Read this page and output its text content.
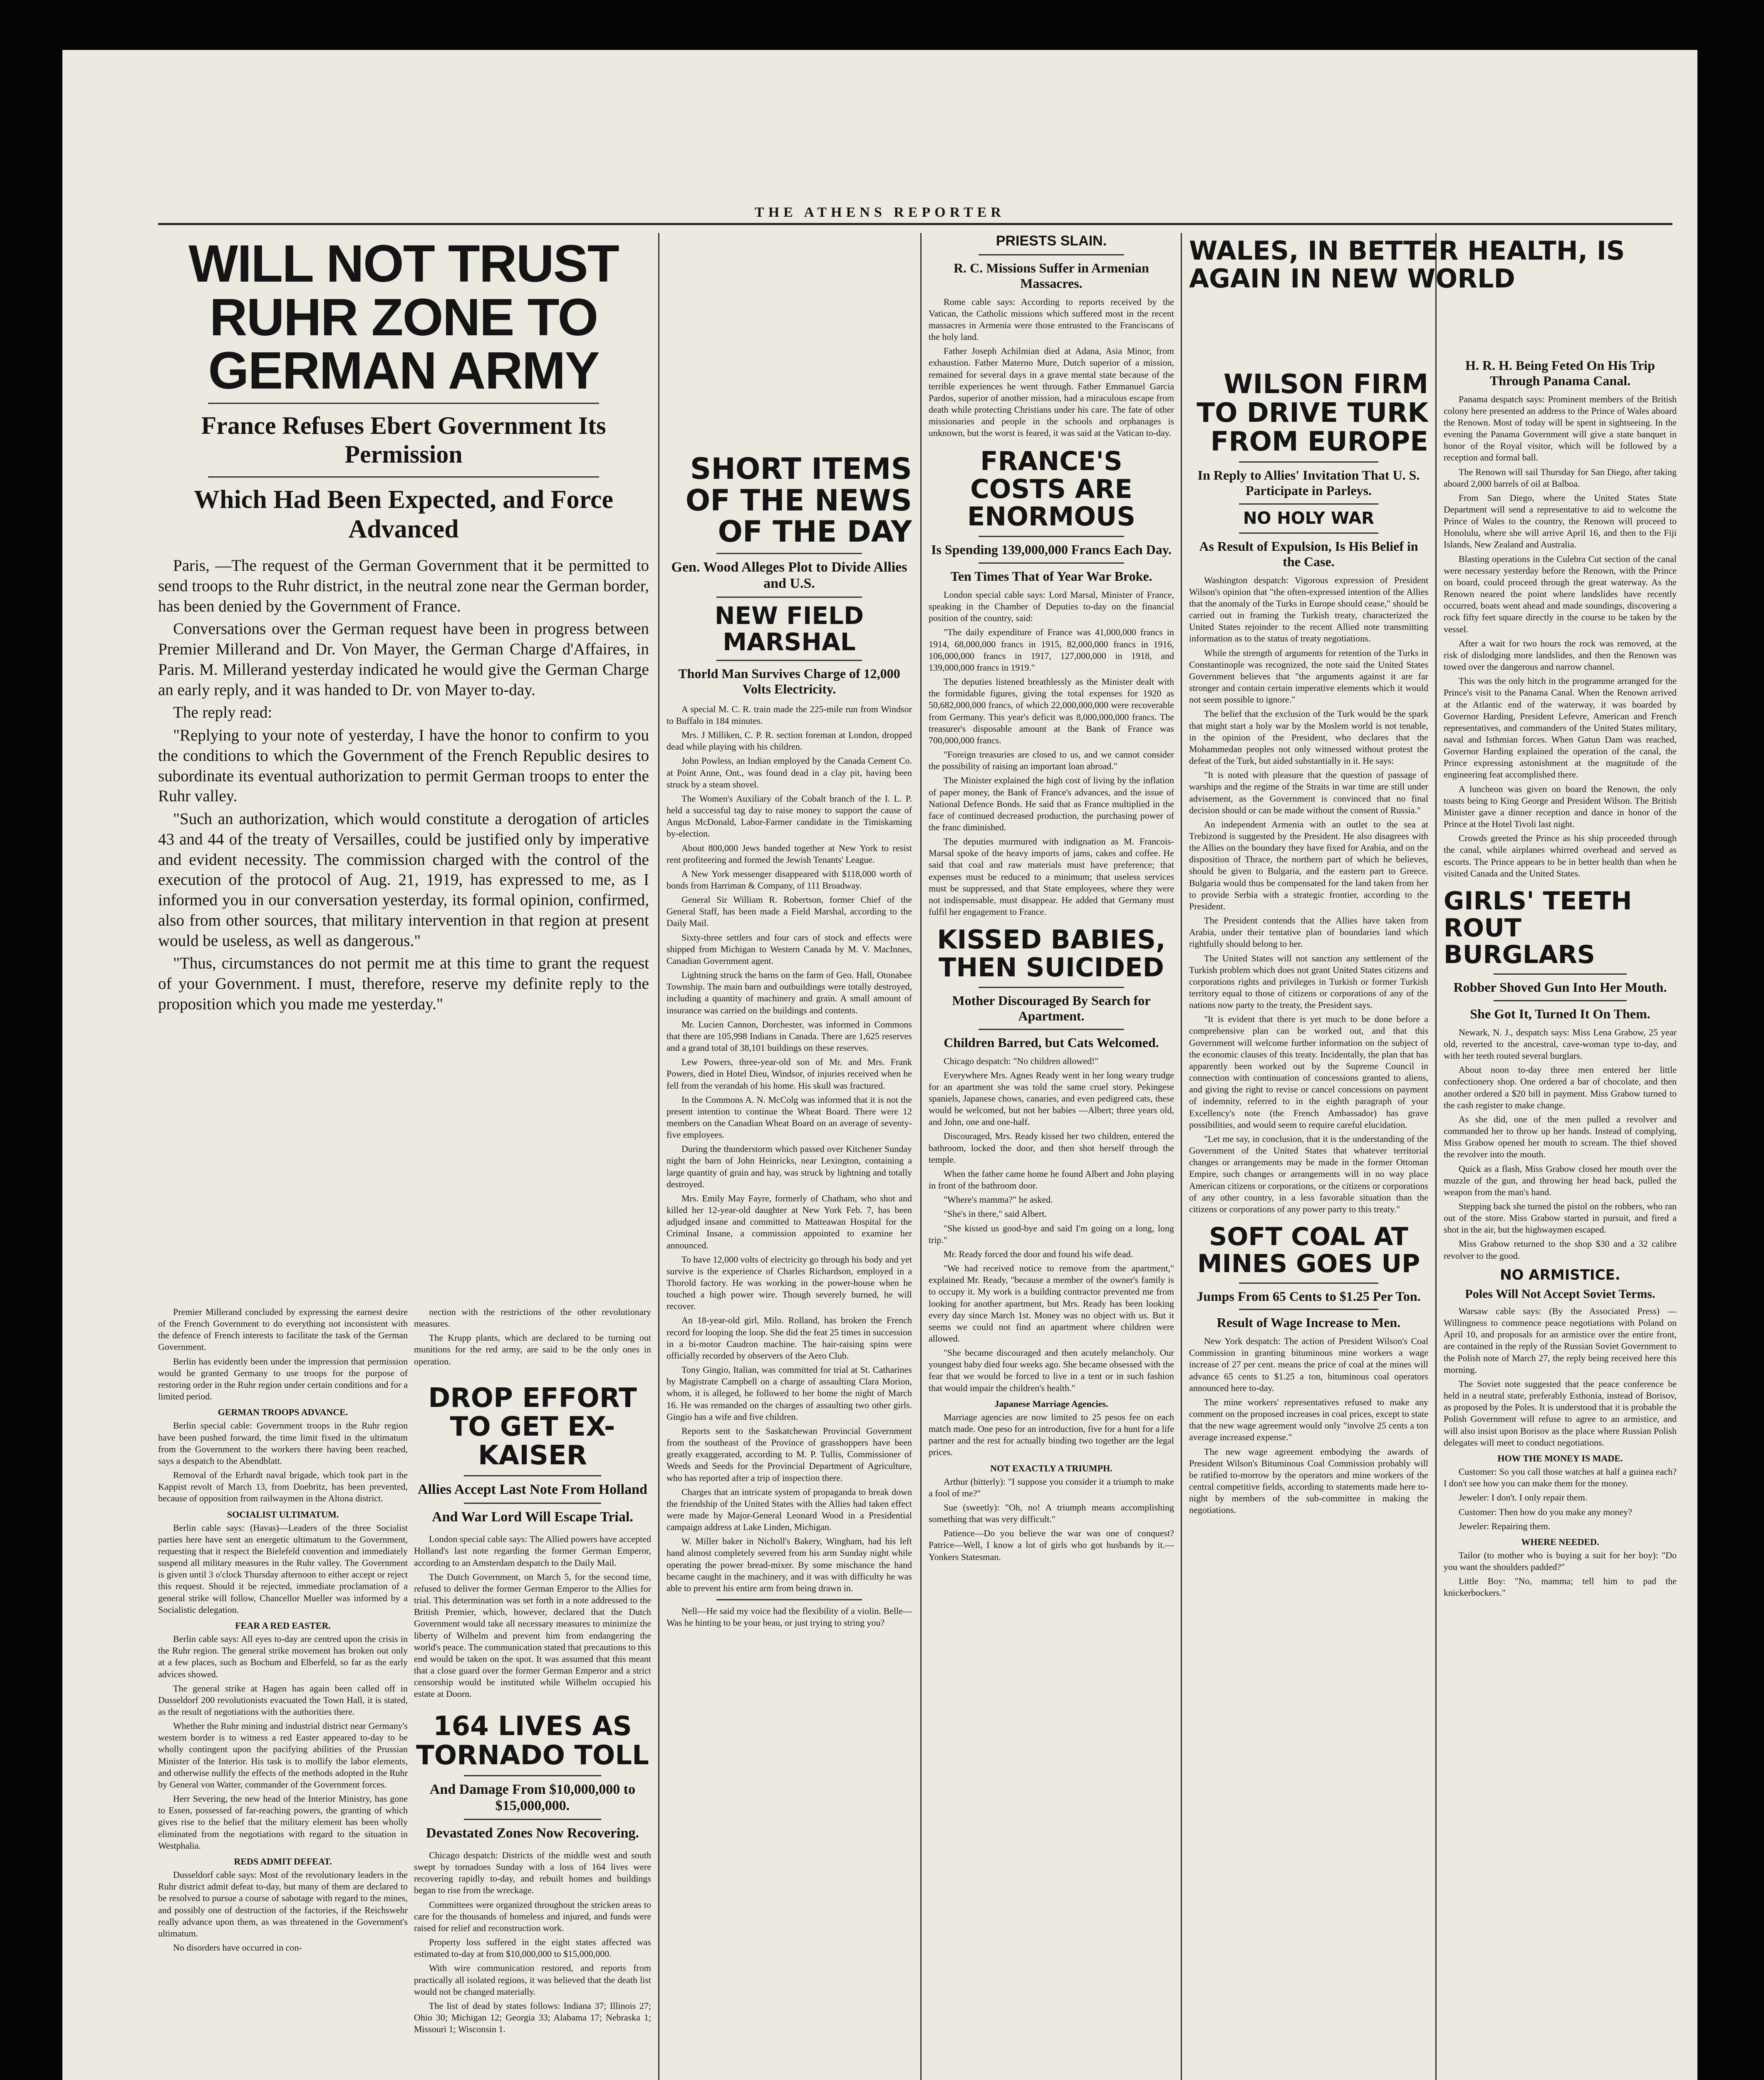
THE ATHENS REPORTER
WILL NOT TRUST RUHR ZONE TO GERMAN ARMY
France Refuses Ebert Government Its Permission
Which Had Been Expected, and Force Advanced

Paris, —The request of the German Government that it be permitted to send troops to the Ruhr district, in the neutral zone near the German border, has been denied by the Government of France.

Conversations over the German request have been in progress between Premier Millerand and Dr. Von Mayer, the German Charge d'Affaires, in Paris. M. Millerand yesterday indicated he would give the German Charge an early reply, and it was handed to Dr. von Mayer to-day.

The reply read:

"Replying to your note of yesterday, I have the honor to confirm to you the conditions to which the Government of the French Republic desires to subordinate its eventual authorization to permit German troops to enter the Ruhr valley.

"Such an authorization, which would constitute a derogation of articles 43 and 44 of the treaty of Versailles, could be justified only by imperative and evident necessity. The commission charged with the control of the execution of the protocol of Aug. 21, 1919, has expressed to me, as I informed you in our conversation yesterday, its formal opinion, confirmed, also from other sources, that military intervention in that region at present would be useless, as well as dangerous."

"Thus, circumstances do not permit me at this time to grant the request of your Government. I must, therefore, reserve my definite reply to the proposition which you made me yesterday."

Premier Millerand concluded by expressing the earnest desire of the French Government to do everything not inconsistent with the defence of French interests to facilitate the task of the German Government.

Berlin has evidently been under the impression that permission would be granted Germany to use troops for the purpose of restoring order in the Ruhr region under certain conditions and for a limited period.

GERMAN TROOPS ADVANCE.

Berlin special cable: Government troops in the Ruhr region have been pushed forward, the time limit fixed in the ultimatum from the Government to the workers there having been reached, says a despatch to the Abendblatt.

Removal of the Erhardt naval brigade, which took part in the Kappist revolt of March 13, from Doebritz, has been prevented, because of opposition from railwaymen in the Altona district.

SOCIALIST ULTIMATUM.

Berlin cable says: (Havas)—Leaders of the three Socialist parties here have sent an energetic ultimatum to the Government, requesting that it respect the Bielefeld convention and immediately suspend all military measures in the Ruhr valley. The Government is given until 3 o'clock Thursday afternoon to either accept or reject this request. Should it be rejected, immediate proclamation of a general strike will follow, Chancellor Mueller was informed by a Socialistic delegation.

FEAR A RED EASTER.

Berlin cable says: All eyes to-day are centred upon the crisis in the Ruhr region. The general strike movement has broken out only at a few places, such as Bochum and Elberfeld, so far as the early advices showed.

The general strike at Hagen has again been called off in Dusseldorf 200 revolutionists evacuated the Town Hall, it is stated, as the result of negotiations with the authorities there.

Whether the Ruhr mining and industrial district near Germany's western border is to witness a red Easter appeared to-day to be wholly contingent upon the pacifying abilities of the Prussian Minister of the Interior. His task is to mollify the labor elements, and otherwise nullify the effects of the methods adopted in the Ruhr by General von Watter, commander of the Government forces.

Herr Severing, the new head of the Interior Ministry, has gone to Essen, possessed of far-reaching powers, the granting of which gives rise to the belief that the military element has been wholly eliminated from the negotiations with regard to the situation in Westphalia.

REDS ADMIT DEFEAT.

Dusseldorf cable says: Most of the revolutionary leaders in the Ruhr district admit defeat to-day, but many of them are declared to be resolved to pursue a course of sabotage with regard to the mines, and possibly one of destruction of the factories, if the Reichswehr really advance upon them, as was threatened in the Government's ultimatum.

No disorders have occurred in con-

nection with the restrictions of the other revolutionary measures.

The Krupp plants, which are declared to be turning out munitions for the red army, are said to be the only ones in operation.

DROP EFFORT TO GET EX-KAISER
Allies Accept Last Note From Holland
And War Lord Will Escape Trial.

London special cable says: The Allied powers have accepted Holland's last note regarding the former German Emperor, according to an Amsterdam despatch to the Daily Mail.

The Dutch Government, on March 5, for the second time, refused to deliver the former German Emperor to the Allies for trial. This determination was set forth in a note addressed to the British Premier, which, however, declared that the Dutch Government would take all necessary measures to minimize the liberty of Wilhelm and prevent him from endangering the world's peace. The communication stated that precautions to this end would be taken on the spot. It was assumed that this meant that a close guard over the former German Emperor and a strict censorship would be instituted while Wilhelm occupied his estate at Doorn.

164 LIVES AS TORNADO TOLL
And Damage From $10,000,000 to $15,000,000.
Devastated Zones Now Recovering.

Chicago despatch: Districts of the middle west and south swept by tornadoes Sunday with a loss of 164 lives were recovering rapidly to-day, and rebuilt homes and buildings began to rise from the wreckage.

Committees were organized throughout the stricken areas to care for the thousands of homeless and injured, and funds were raised for relief and reconstruction work.

Property loss suffered in the eight states affected was estimated to-day at from $10,000,000 to $15,000,000.

With wire communication restored, and reports from practically all isolated regions, it was believed that the death list would not be changed materially.

The list of dead by states follows: Indiana 37; Illinois 27; Ohio 30; Michigan 12; Georgia 33; Alabama 17; Nebraska 1; Missouri 1; Wisconsin 1.

SHORT ITEMS OF THE NEWS OF THE DAY
Gen. Wood Alleges Plot to Divide Allies and U.S.
NEW FIELD MARSHAL
Thorld Man Survives Charge of 12,000 Volts Electricity.

A special M. C. R. train made the 225-mile run from Windsor to Buffalo in 184 minutes.

Mrs. J Milliken, C. P. R. section foreman at London, dropped dead while playing with his children.

John Powless, an Indian employed by the Canada Cement Co. at Point Anne, Ont., was found dead in a clay pit, having been struck by a steam shovel.

The Women's Auxiliary of the Cobalt branch of the I. L. P. held a successful tag day to raise money to support the cause of Angus McDonald, Labor-Farmer candidate in the Timiskaming by-election.

About 800,000 Jews banded together at New York to resist rent profiteering and formed the Jewish Tenants' League.

A New York messenger disappeared with $118,000 worth of bonds from Harriman & Company, of 111 Broadway.

General Sir William R. Robertson, former Chief of the General Staff, has been made a Field Marshal, according to the Daily Mail.

Sixty-three settlers and four cars of stock and effects were shipped from Michigan to Western Canada by M. V. MacInnes, Canadian Government agent.

Lightning struck the barns on the farm of Geo. Hall, Otonabee Township. The main barn and outbuildings were totally destroyed, including a quantity of machinery and grain. A small amount of insurance was carried on the buildings and contents.

Mr. Lucien Cannon, Dorchester, was informed in Commons that there are 105,998 Indians in Canada. There are 1,625 reserves and a grand total of 38,101 buildings on these reserves.

Lew Powers, three-year-old son of Mr. and Mrs. Frank Powers, died in Hotel Dieu, Windsor, of injuries received when he fell from the verandah of his home. His skull was fractured.

In the Commons A. N. McColg was informed that it is not the present intention to continue the Wheat Board. There were 12 members on the Canadian Wheat Board on an average of seventy-five employees.

During the thunderstorm which passed over Kitchener Sunday night the barn of John Heinricks, near Lexington, containing a large quantity of grain and hay, was struck by lightning and totally destroyed.

Mrs. Emily May Fayre, formerly of Chatham, who shot and killed her 12-year-old daughter at New York Feb. 7, has been adjudged insane and committed to Matteawan Hospital for the Criminal Insane, a commission appointed to examine her announced.

To have 12,000 volts of electricity go through his body and yet survive is the experience of Charles Richardson, employed in a Thorold factory. He was working in the power-house when he touched a high power wire. Though severely burned, he will recover.

An 18-year-old girl, Milo. Rolland, has broken the French record for looping the loop. She did the feat 25 times in succession in a bi-motor Caudron machine. The hair-raising spins were officially recorded by observers of the Aero Club.

Tony Gingio, Italian, was committed for trial at St. Catharines by Magistrate Campbell on a charge of assaulting Clara Morion, whom, it is alleged, he followed to her home the night of March 16. He was remanded on the charges of assaulting two other girls. Gingio has a wife and five children.

Reports sent to the Saskatchewan Provincial Government from the southeast of the Province of grasshoppers have been greatly exaggerated, according to M. P. Tullis, Commissioner of Weeds and Seeds for the Provincial Department of Agriculture, who has reported after a trip of inspection there.

Charges that an intricate system of propaganda to break down the friendship of the United States with the Allies had taken effect were made by Major-General Leonard Wood in a Presidential campaign address at Lake Linden, Michigan.

W. Miller baker in Nicholl's Bakery, Wingham, had his left hand almost completely severed from his arm Sunday night while operating the power bread-mixer. By some mischance the hand became caught in the machinery, and it was with difficulty he was able to prevent his entire arm from being drawn in.

Nell—He said my voice had the flexibility of a violin. Belle—Was he hinting to be your beau, or just trying to string you?

PRIESTS SLAIN.
R. C. Missions Suffer in Armenian Massacres.

Rome cable says: According to reports received by the Vatican, the Catholic missions which suffered most in the recent massacres in Armenia were those entrusted to the Franciscans of the holy land.

Father Joseph Achilmian died at Adana, Asia Minor, from exhaustion. Father Materno Mure, Dutch superior of a mission, remained for several days in a grave mental state because of the terrible experiences he went through. Father Emmanuel Garcia Pardos, superior of another mission, had a miraculous escape from death while protecting Christians under his care. The fate of other missionaries and people in the schools and orphanages is unknown, but the worst is feared, it was said at the Vatican to-day.

FRANCE'S COSTS ARE ENORMOUS
Is Spending 139,000,000 Francs Each Day.
Ten Times That of Year War Broke.

London special cable says: Lord Marsal, Minister of France, speaking in the Chamber of Deputies to-day on the financial position of the country, said:

"The daily expenditure of France was 41,000,000 francs in 1914, 68,000,000 francs in 1915, 82,000,000 francs in 1916, 106,000,000 francs in 1917, 127,000,000 in 1918, and 139,000,000 francs in 1919."

The deputies listened breathlessly as the Minister dealt with the formidable figures, giving the total expenses for 1920 as 50,682,000,000 francs, of which 22,000,000,000 were recoverable from Germany. This year's deficit was 8,000,000,000 francs. The treasurer's disposable amount at the Bank of France was 700,000,000 francs.

"Foreign treasuries are closed to us, and we cannot consider the possibility of raising an important loan abroad."

The Minister explained the high cost of living by the inflation of paper money, the Bank of France's advances, and the issue of National Defence Bonds. He said that as France multiplied in the face of continued decreased production, the purchasing power of the franc diminished.

The deputies murmured with indignation as M. Francois-Marsal spoke of the heavy imports of jams, cakes and coffee. He said that coal and raw materials must have preference; that expenses must be reduced to a minimum; that useless services must be suppressed, and that State employees, where they were not indispensable, must disappear. He added that Germany must fulfil her engagement to France.

KISSED BABIES, THEN SUICIDED
Mother Discouraged By Search for Apartment.
Children Barred, but Cats Welcomed.

Chicago despatch: "No children allowed!"

Everywhere Mrs. Agnes Ready went in her long weary trudge for an apartment she was told the same cruel story. Pekingese spaniels, Japanese chows, canaries, and even pedigreed cats, these would be welcomed, but not her babies —Albert; three years old, and John, one and one-half.

Discouraged, Mrs. Ready kissed her two children, entered the bathroom, locked the door, and then shot herself through the temple.

When the father came home he found Albert and John playing in front of the bathroom door.

"Where's mamma?" he asked.

"She's in there," said Albert.

"She kissed us good-bye and said I'm going on a long, long trip."

Mr. Ready forced the door and found his wife dead.

"We had received notice to remove from the apartment," explained Mr. Ready, "because a member of the owner's family is to occupy it. My work is a building contractor prevented me from looking for another apartment, but Mrs. Ready has been looking every day since March 1st. Money was no object with us. But it seems we could not find an apartment where children were allowed.

"She became discouraged and then acutely melancholy. Our youngest baby died four weeks ago. She became obsessed with the fear that we would be forced to live in a tent or in such fashion that would impair the children's health."

Japanese Marriage Agencies.

Marriage agencies are now limited to 25 pesos fee on each match made. One peso for an introduction, five for a hunt for a life partner and the rest for actually binding two together are the legal prices.

NOT EXACTLY A TRIUMPH.

Arthur (bitterly): "I suppose you consider it a triumph to make a fool of me?"

Sue (sweetly): "Oh, no! A triumph means accomplishing something that was very difficult."

Patience—Do you believe the war was one of conquest? Patrice—Well, I know a lot of girls who got husbands by it.—Yonkers Statesman.

WALES, IN BETTER HEALTH, IS AGAIN IN NEW WORLD
WILSON FIRM TO DRIVE TURK FROM EUROPE
In Reply to Allies' Invitation That U. S. Participate in Parleys.
NO HOLY WAR
As Result of Expulsion, Is His Belief in the Case.

Washington despatch: Vigorous expression of President Wilson's opinion that "the often-expressed intention of the Allies that the anomaly of the Turks in Europe should cease," should be carried out in framing the Turkish treaty, characterized the United States rejoinder to the recent Allied note transmitting information as to the status of treaty negotiations.

While the strength of arguments for retention of the Turks in Constantinople was recognized, the note said the United States Government believes that "the arguments against it are far stronger and contain certain imperative elements which it would not seem possible to ignore."

The belief that the exclusion of the Turk would be the spark that might start a holy war by the Moslem world is not tenable, in the opinion of the President, who declares that the Mohammedan peoples not only witnessed without protest the defeat of the Turk, but aided substantially in it. He says:

"It is noted with pleasure that the question of passage of warships and the regime of the Straits in war time are still under advisement, as the Government is convinced that no final decision should or can be made without the consent of Russia."

An independent Armenia with an outlet to the sea at Trebizond is suggested by the President. He also disagrees with the Allies on the boundary they have fixed for Arabia, and on the disposition of Thrace, the northern part of which he believes, should be given to Bulgaria, and the eastern part to Greece. Bulgaria would thus be compensated for the land taken from her to provide Serbia with a strategic frontier, according to the President.

The President contends that the Allies have taken from Arabia, under their tentative plan of boundaries land which rightfully should belong to her.

The United States will not sanction any settlement of the Turkish problem which does not grant United States citizens and corporations rights and privileges in Turkish or former Turkish territory equal to those of citizens or corporations of any of the nations now party to the treaty, the President says.

"It is evident that there is yet much to be done before a comprehensive plan can be worked out, and that this Government will welcome further information on the subject of the economic clauses of this treaty. Incidentally, the plan that has apparently been worked out by the Supreme Council in connection with continuation of concessions granted to aliens, and giving the right to revise or cancel concessions on payment of indemnity, referred to in the eighth paragraph of your Excellency's note (the French Ambassador) has grave possibilities, and would seem to require careful elucidation.

"Let me say, in conclusion, that it is the understanding of the Government of the United States that whatever territorial changes or arrangements may be made in the former Ottoman Empire, such changes or arrangements will in no way place American citizens or corporations, or the citizens or corporations of any other country, in a less favorable situation than the citizens or corporations of any power party to this treaty."

SOFT COAL AT MINES GOES UP
Jumps From 65 Cents to $1.25 Per Ton.
Result of Wage Increase to Men.

New York despatch: The action of President Wilson's Coal Commission in granting bituminous mine workers a wage increase of 27 per cent. means the price of coal at the mines will advance 65 cents to $1.25 a ton, bituminous coal operators announced here to-day.

The mine workers' representatives refused to make any comment on the proposed increases in coal prices, except to state that the new wage agreement would only "involve 25 cents a ton average increased expense."

The new wage agreement embodying the awards of President Wilson's Bituminous Coal Commission probably will be ratified to-morrow by the operators and mine workers of the central competitive fields, according to statements made here to-night by members of the sub-committee in making the negotiations.

H. R. H. Being Feted On His Trip Through Panama Canal.

Panama despatch says: Prominent members of the British colony here presented an address to the Prince of Wales aboard the Renown. Most of today will be spent in sightseeing. In the evening the Panama Government will give a state banquet in honor of the Royal visitor, which will be followed by a reception and formal ball.

The Renown will sail Thursday for San Diego, after taking aboard 2,000 barrels of oil at Balboa.

From San Diego, where the United States State Department will send a representative to aid to welcome the Prince of Wales to the country, the Renown will proceed to Honolulu, where she will arrive April 16, and then to the Fiji Islands, New Zealand and Australia.

Blasting operations in the Culebra Cut section of the canal were necessary yesterday before the Renown, with the Prince on board, could proceed through the great waterway. As the Renown neared the point where landslides have recently occurred, boats went ahead and made soundings, discovering a rock fifty feet square directly in the course to be taken by the vessel.

After a wait for two hours the rock was removed, at the risk of dislodging more landslides, and then the Renown was towed over the dangerous and narrow channel.

This was the only hitch in the programme arranged for the Prince's visit to the Panama Canal. When the Renown arrived at the Atlantic end of the waterway, it was boarded by Governor Harding, President Lefevre, American and French representatives, and commanders of the United States military, naval and Isthmian forces. When Gatun Dam was reached, Governor Harding explained the operation of the canal, the Prince expressing astonishment at the magnitude of the engineering feat accomplished there.

A luncheon was given on board the Renown, the only toasts being to King George and President Wilson. The British Minister gave a dinner reception and dance in honor of the Prince at the Hotel Tivoli last night.

Crowds greeted the Prince as his ship proceeded through the canal, while airplanes whirred overhead and served as escorts. The Prince appears to be in better health than when he visited Canada and the United States.

GIRLS' TEETH ROUT BURGLARS
Robber Shoved Gun Into Her Mouth.
She Got It, Turned It On Them.

Newark, N. J., despatch says: Miss Lena Grabow, 25 year old, reverted to the ancestral, cave-woman type to-day, and with her teeth routed several burglars.

About noon to-day three men entered her little confectionery shop. One ordered a bar of chocolate, and then another ordered a $20 bill in payment. Miss Grabow turned to the cash register to make change.

As she did, one of the men pulled a revolver and commanded her to throw up her hands. Instead of complying, Miss Grabow opened her mouth to scream. The thief shoved the revolver into the mouth.

Quick as a flash, Miss Grabow closed her mouth over the muzzle of the gun, and throwing her head back, pulled the weapon from the man's hand.

Stepping back she turned the pistol on the robbers, who ran out of the store. Miss Grabow started in pursuit, and fired a shot in the air, but the highwaymen escaped.

Miss Grabow returned to the shop $30 and a 32 calibre revolver to the good.

NO ARMISTICE.
Poles Will Not Accept Soviet Terms.

Warsaw cable says: (By the Associated Press) — Willingness to commence peace negotiations with Poland on April 10, and proposals for an armistice over the entire front, are contained in the reply of the Russian Soviet Government to the Polish note of March 27, the reply being received here this morning.

The Soviet note suggested that the peace conference be held in a neutral state, preferably Esthonia, instead of Borisov, as proposed by the Poles. It is understood that it is probable the Polish Government will refuse to agree to an armistice, and will also insist upon Borisov as the place where Russian Polish delegates will meet to conduct negotiations.

HOW THE MONEY IS MADE.

Customer: So you call those watches at half a guinea each? I don't see how you can make them for the money.

Jeweler: I don't. I only repair them.

Customer: Then how do you make any money?

Jeweler: Repairing them.

WHERE NEEDED.

Tailor (to mother who is buying a suit for her boy): "Do you want the shoulders padded?"

Little Boy: "No, mamma; tell him to pad the knickerbockers."
